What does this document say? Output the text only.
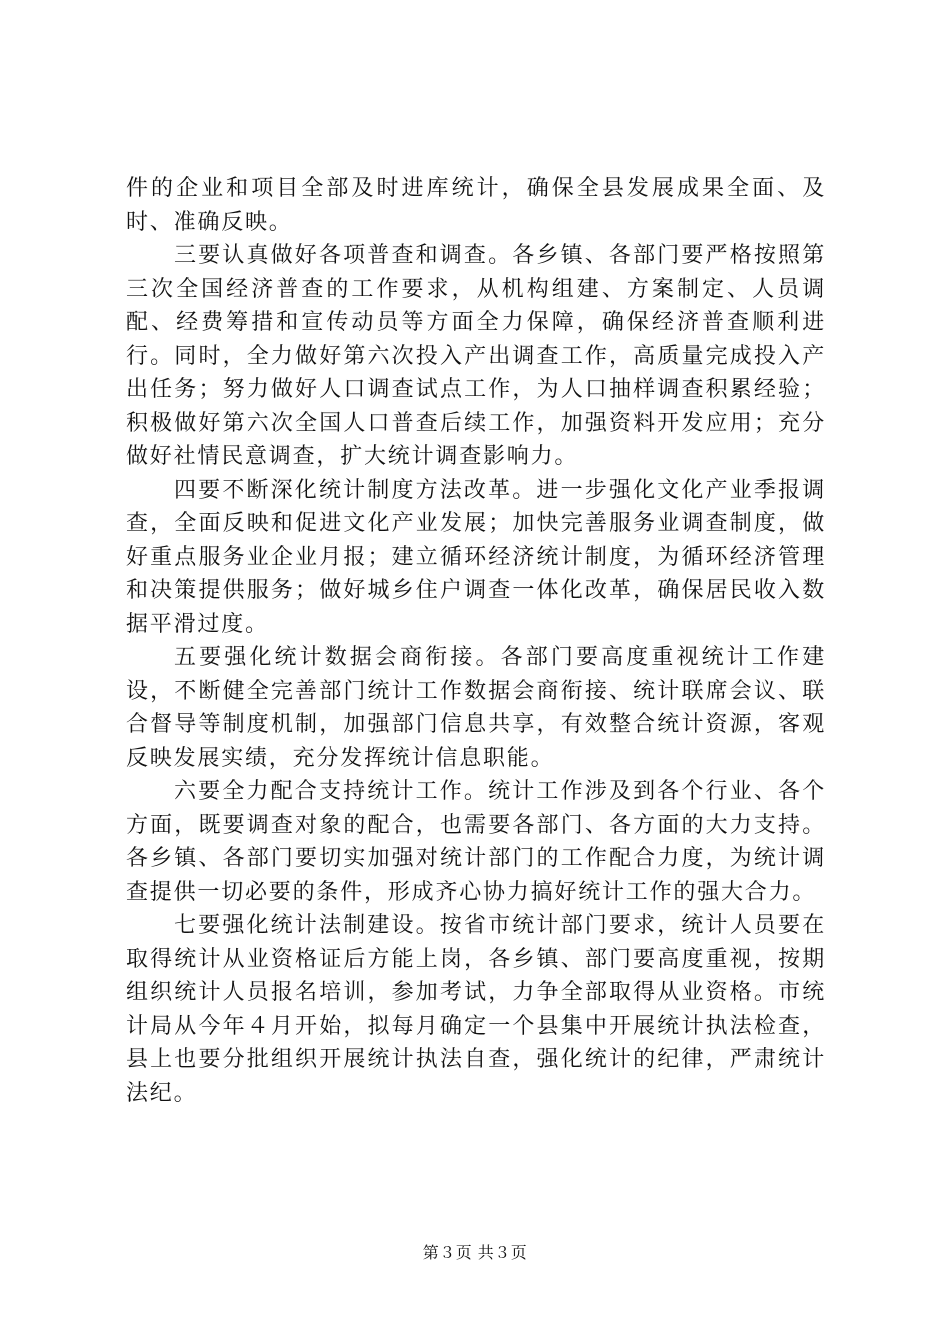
件的企业和项目全部及时进库统计，确保全县发展成果全面、及时、准确反映。

三要认真做好各项普查和调查。各乡镇、各部门要严格按照第三次全国经济普查的工作要求，从机构组建、方案制定、人员调配、经费筹措和宣传动员等方面全力保障，确保经济普查顺利进行。同时，全力做好第六次投入产出调查工作，高质量完成投入产出任务；努力做好人口调查试点工作，为人口抽样调查积累经验；积极做好第六次全国人口普查后续工作，加强资料开发应用；充分做好社情民意调查，扩大统计调查影响力。

四要不断深化统计制度方法改革。进一步强化文化产业季报调查，全面反映和促进文化产业发展；加快完善服务业调查制度，做好重点服务业企业月报；建立循环经济统计制度，为循环经济管理和决策提供服务；做好城乡住户调查一体化改革，确保居民收入数据平滑过度。

五要强化统计数据会商衔接。各部门要高度重视统计工作建设，不断健全完善部门统计工作数据会商衔接、统计联席会议、联合督导等制度机制，加强部门信息共享，有效整合统计资源，客观反映发展实绩，充分发挥统计信息职能。

六要全力配合支持统计工作。统计工作涉及到各个行业、各个方面，既要调查对象的配合，也需要各部门、各方面的大力支持。各乡镇、各部门要切实加强对统计部门的工作配合力度，为统计调查提供一切必要的条件，形成齐心协力搞好统计工作的强大合力。

七要强化统计法制建设。按省市统计部门要求，统计人员要在取得统计从业资格证后方能上岗，各乡镇、部门要高度重视，按期组织统计人员报名培训，参加考试，力争全部取得从业资格。市统计局从今年４月开始，拟每月确定一个县集中开展统计执法检查，县上也要分批组织开展统计执法自查，强化统计的纪律，严肃统计法纪。

第３页 共３页
